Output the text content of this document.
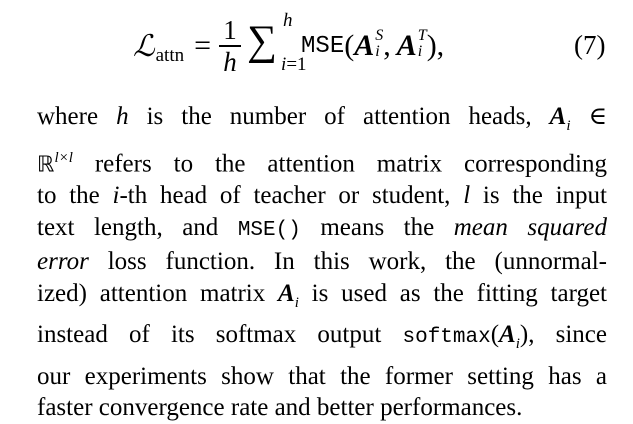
ℒ attn = $\frac{1}{h}$ ∑ h
i=1
MSE ( A S
i , A T
i ),	(7)
where h is the number of attention heads, $A_i$ ∈
ℝ$^{l\times l}$ refers to the attention matrix corresponding
to the i-th head of teacher or student, l is the input
text length, and MSE() means the mean squared
error loss function. In this work, the (unnormal-
ized) attention matrix $A_i$ is used as the fitting target
instead of its softmax output $softmax(A_i)$, since
our experiments show that the former setting has a
faster convergence rate and better performances.
